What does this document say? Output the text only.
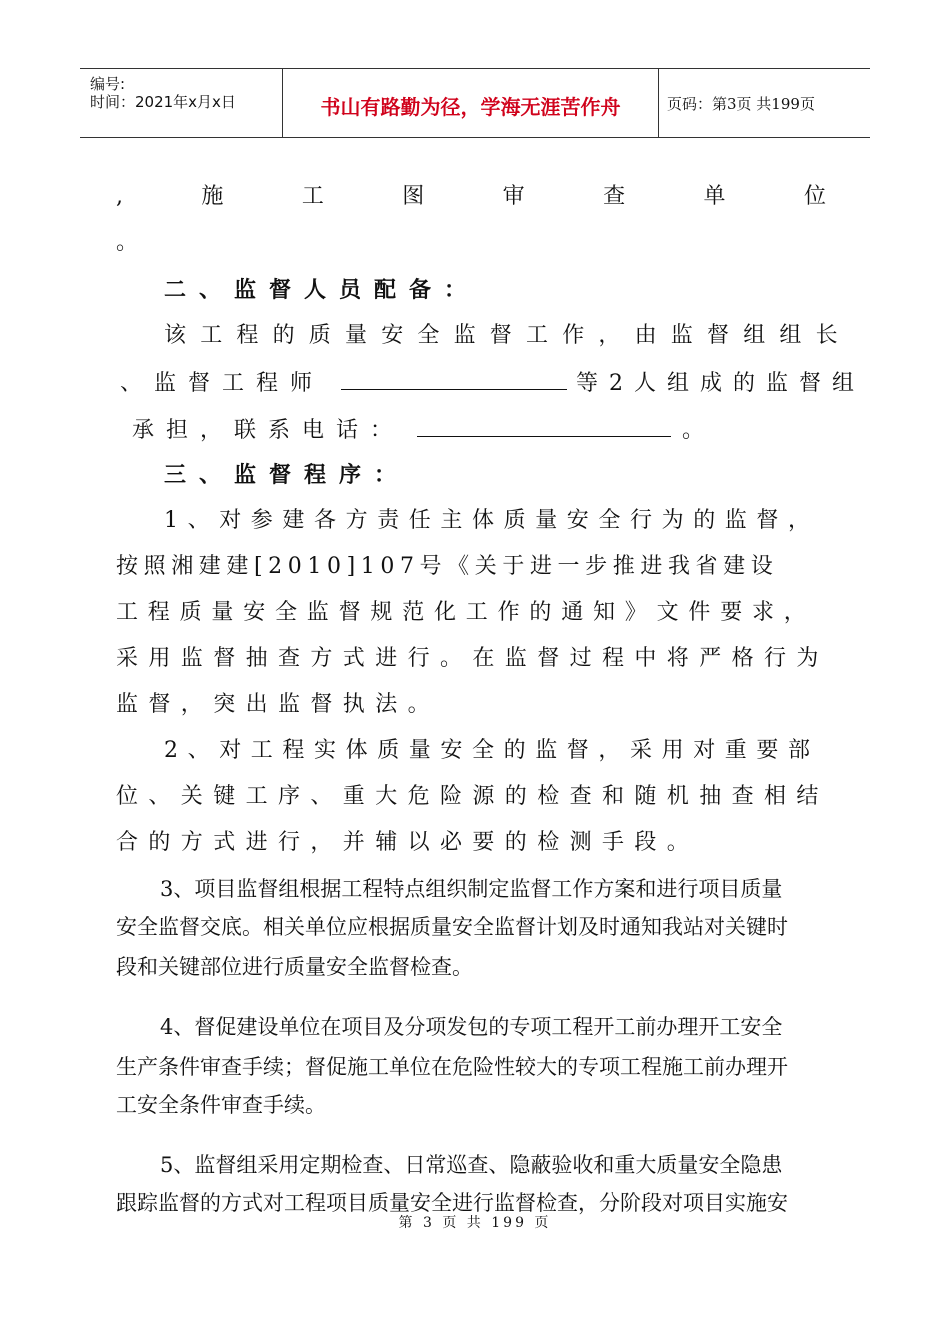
编号:
时间：2021年x月x日	书山有路勤为径，学海无涯苦作舟	页码：第3页 共199页
,	施	工	图	审	查	单	位
。
二、监督人员配备：
该工程的质量安全监督工作，由监督组组长
、监督工程师	等2人组成的监督组
承担，联系电话：	。
三、监督程序：
1、对参建各方责任主体质量安全行为的监督，
按照湘建建[2010]107号《关于进一步推进我省建设
工程质量安全监督规范化工作的通知》文件要求，
采用监督抽查方式进行。在监督过程中将严格行为
监督，突出监督执法。
2、对工程实体质量安全的监督，采用对重要部
位、关键工序、重大危险源的检查和随机抽查相结
合的方式进行，并辅以必要的检测手段。
3、项目监督组根据工程特点组织制定监督工作方案和进行项目质量
安全监督交底。相关单位应根据质量安全监督计划及时通知我站对关键时
段和关键部位进行质量安全监督检查。
4、督促建设单位在项目及分项发包的专项工程开工前办理开工安全
生产条件审查手续；督促施工单位在危险性较大的专项工程施工前办理开
工安全条件审查手续。
5、监督组采用定期检查、日常巡查、隐蔽验收和重大质量安全隐患
跟踪监督的方式对工程项目质量安全进行监督检查，分阶段对项目实施安
第 3 页 共 199 页
